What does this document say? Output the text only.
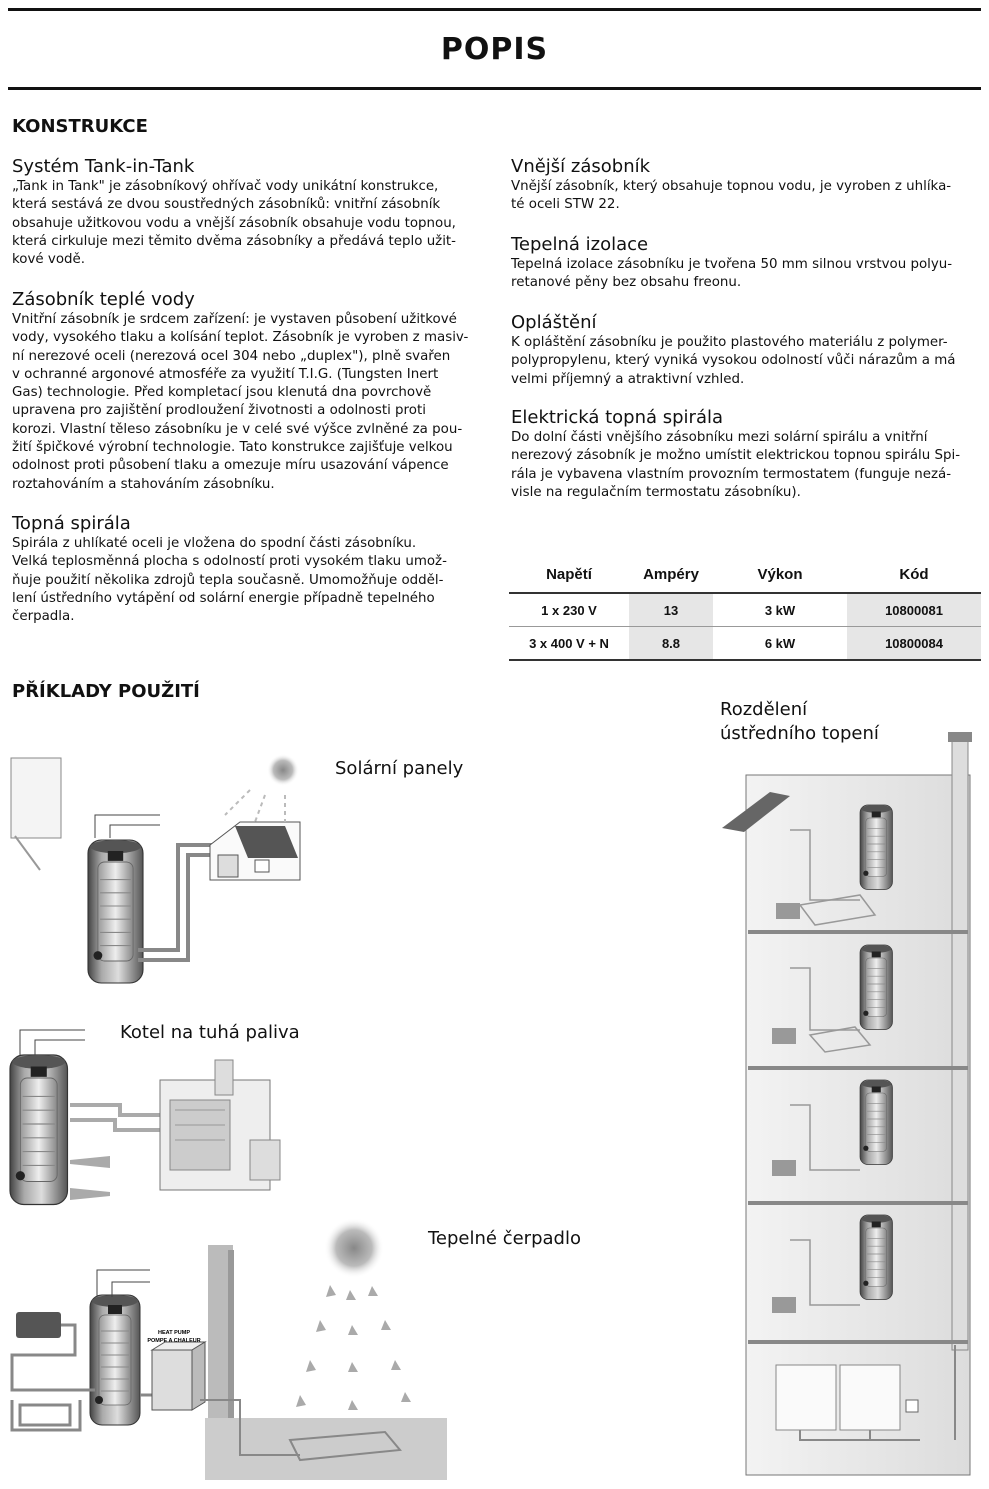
POPIS
KONSTRUKCE
Systém Tank-in-Tank
„Tank in Tank" je zásobníkový ohřívač vody unikátní konstrukce,
která sestává ze dvou soustředných zásobníků: vnitřní zásobník
obsahuje užitkovou vodu a vnější zásobník obsahuje vodu topnou,
která cirkuluje mezi těmito dvěma zásobníky a předává teplo užit-
kové vodě.
Zásobník teplé vody
Vnitřní zásobník je srdcem zařízení: je vystaven působení užitkové
vody, vysokého tlaku a kolísání teplot. Zásobník je vyroben z masiv-
ní nerezové oceli (nerezová ocel 304 nebo „duplex"), plně svařen
v ochranné argonové atmosféře za využití T.I.G. (Tungsten Inert
Gas) technologie. Před kompletací jsou klenutá dna povrchově
upravena pro zajištění prodloužení životnosti a odolnosti proti
korozi. Vlastní těleso zásobníku je v celé své výšce zvlněné za pou-
žití špičkové výrobní technologie. Tato konstrukce zajišťuje velkou
odolnost proti působení tlaku a omezuje míru usazování vápence
roztahováním a stahováním zásobníku.
Topná spirála
Spirála z uhlíkaté oceli je vložena do spodní části zásobníku.
Velká teplosměnná plocha s odolností proti vysokém tlaku umož-
ňuje použití několika zdrojů tepla současně. Umomožňuje odděl-
lení ústředního vytápění od solární energie případně tepelného
čerpadla.
Vnější zásobník
Vnější zásobník, který obsahuje topnou vodu, je vyroben z uhlíka-
té oceli STW 22.
Tepelná izolace
Tepelná izolace zásobníku je tvořena 50 mm silnou vrstvou polyu-
retanové pěny bez obsahu freonu.
Opláštění
K opláštění zásobníku je použito plastového materiálu z polymer-
polypropylenu, který vyniká vysokou odolností vůči nárazům a má
velmi příjemný a atraktivní vzhled.
Elektrická topná spirála
Do dolní části vnějšího zásobníku mezi solární spirálu a vnitřní
nerezový zásobník je možno umístit elektrickou topnou spirálu Spi-
rála je vybavena vlastním provozním termostatem (funguje nezá-
visle na regulačním termostatu zásobníku).
Napětí	Ampéry	Výkon	Kód
1 x 230 V	13	3 kW	10800081
3 x 400 V + N	8.8	6 kW	10800084
PŘÍKLADY POUŽITÍ
Solární panely
Kotel na tuhá paliva
Tepelné čerpadlo
Rozdělení
ústředního topení
HEAT PUMP
POMPE A CHALEUR
